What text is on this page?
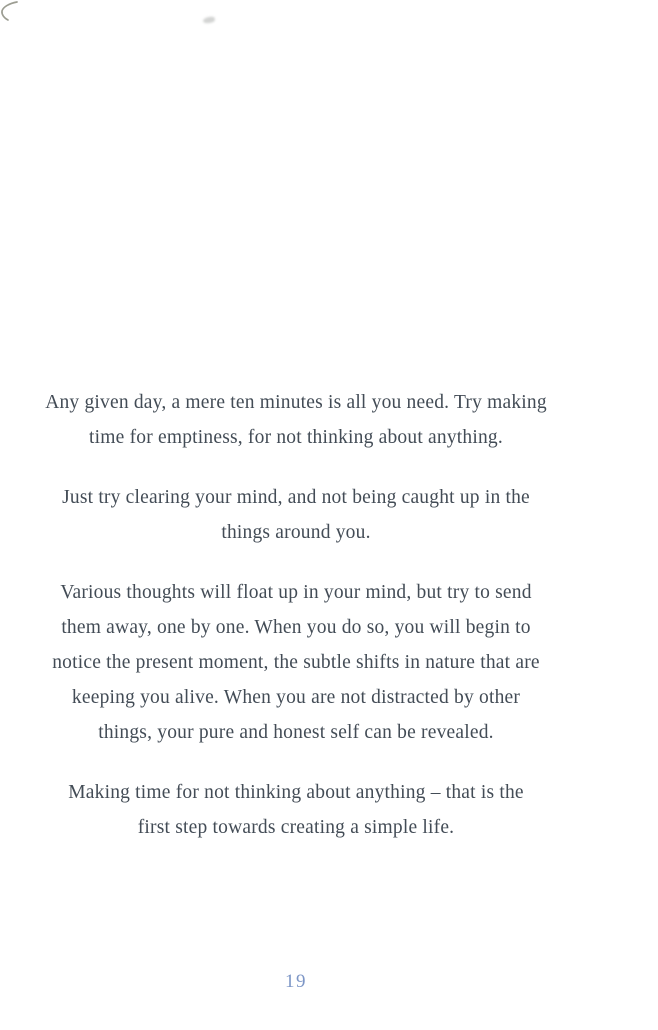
Any given day, a mere ten minutes is all you need. Try making
time for emptiness, for not thinking about anything.

Just try clearing your mind, and not being caught up in the
things around you.

Various thoughts will float up in your mind, but try to send
them away, one by one. When you do so, you will begin to
notice the present moment, the subtle shifts in nature that are
keeping you alive. When you are not distracted by other
things, your pure and honest self can be revealed.

Making time for not thinking about anything – that is the
first step towards creating a simple life.

19
